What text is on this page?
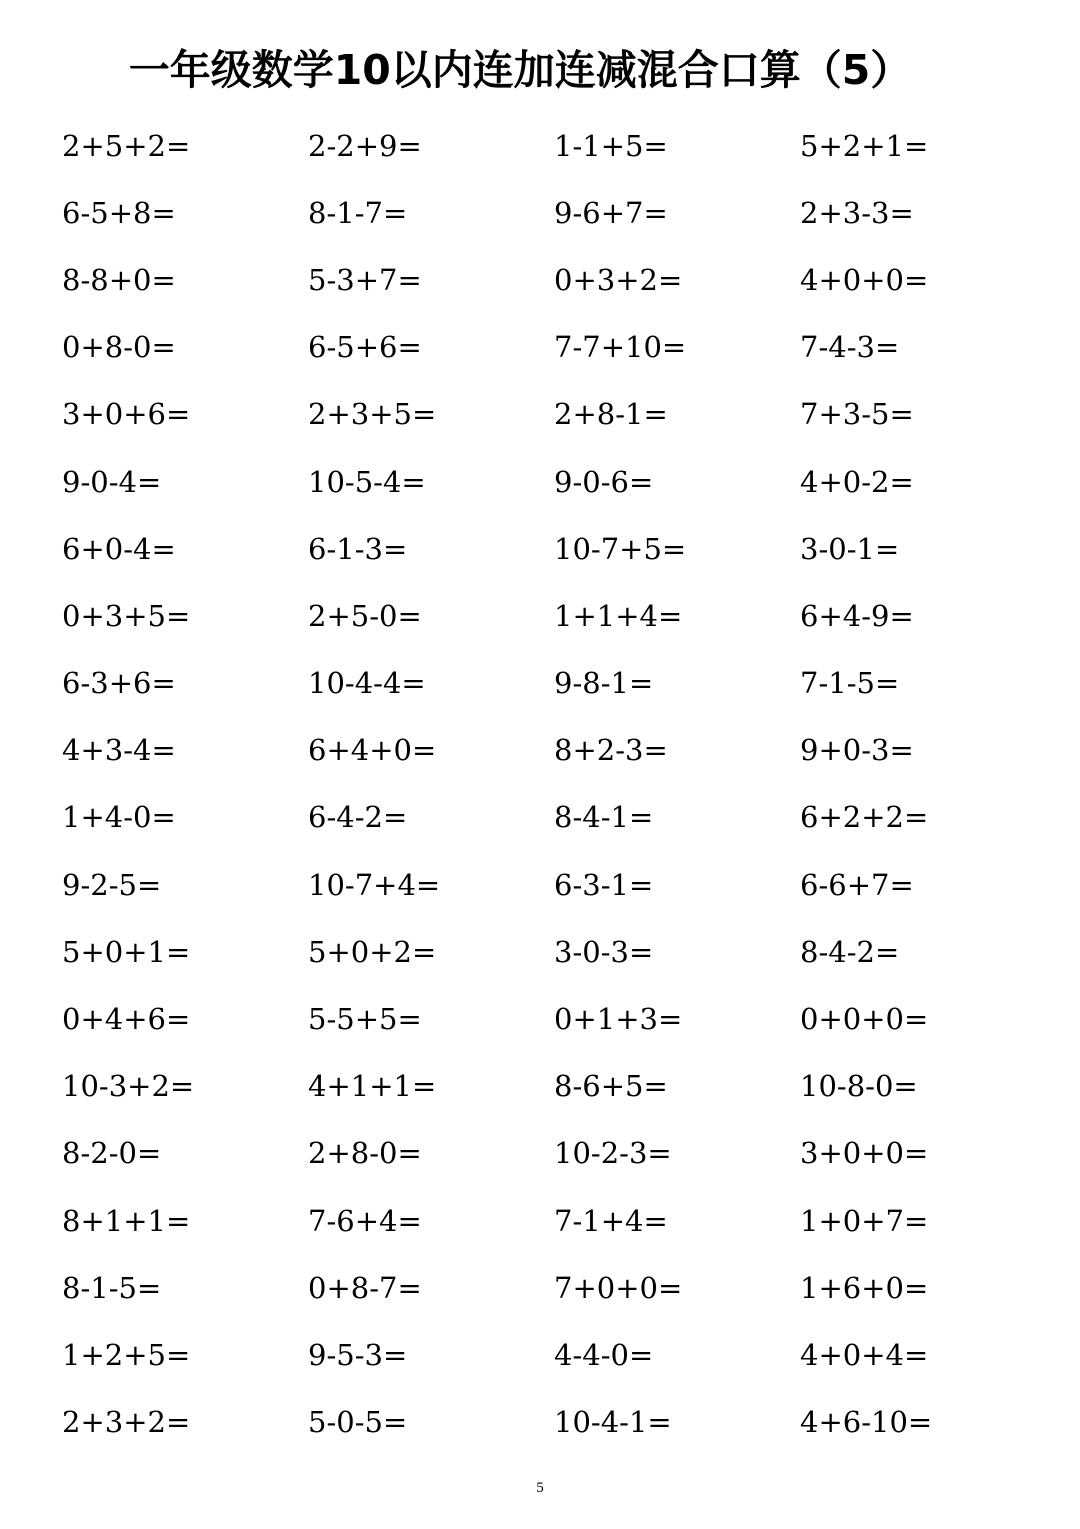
一年级数学10以内连加连减混合口算（5）
2+5+2=	2-2+9=	1-1+5=	5+2+1=
6-5+8=	8-1-7=	9-6+7=	2+3-3=
8-8+0=	5-3+7=	0+3+2=	4+0+0=
0+8-0=	6-5+6=	7-7+10=	7-4-3=
3+0+6=	2+3+5=	2+8-1=	7+3-5=
9-0-4=	10-5-4=	9-0-6=	4+0-2=
6+0-4=	6-1-3=	10-7+5=	3-0-1=
0+3+5=	2+5-0=	1+1+4=	6+4-9=
6-3+6=	10-4-4=	9-8-1=	7-1-5=
4+3-4=	6+4+0=	8+2-3=	9+0-3=
1+4-0=	6-4-2=	8-4-1=	6+2+2=
9-2-5=	10-7+4=	6-3-1=	6-6+7=
5+0+1=	5+0+2=	3-0-3=	8-4-2=
0+4+6=	5-5+5=	0+1+3=	0+0+0=
10-3+2=	4+1+1=	8-6+5=	10-8-0=
8-2-0=	2+8-0=	10-2-3=	3+0+0=
8+1+1=	7-6+4=	7-1+4=	1+0+7=
8-1-5=	0+8-7=	7+0+0=	1+6+0=
1+2+5=	9-5-3=	4-4-0=	4+0+4=
2+3+2=	5-0-5=	10-4-1=	4+6-10=
5
